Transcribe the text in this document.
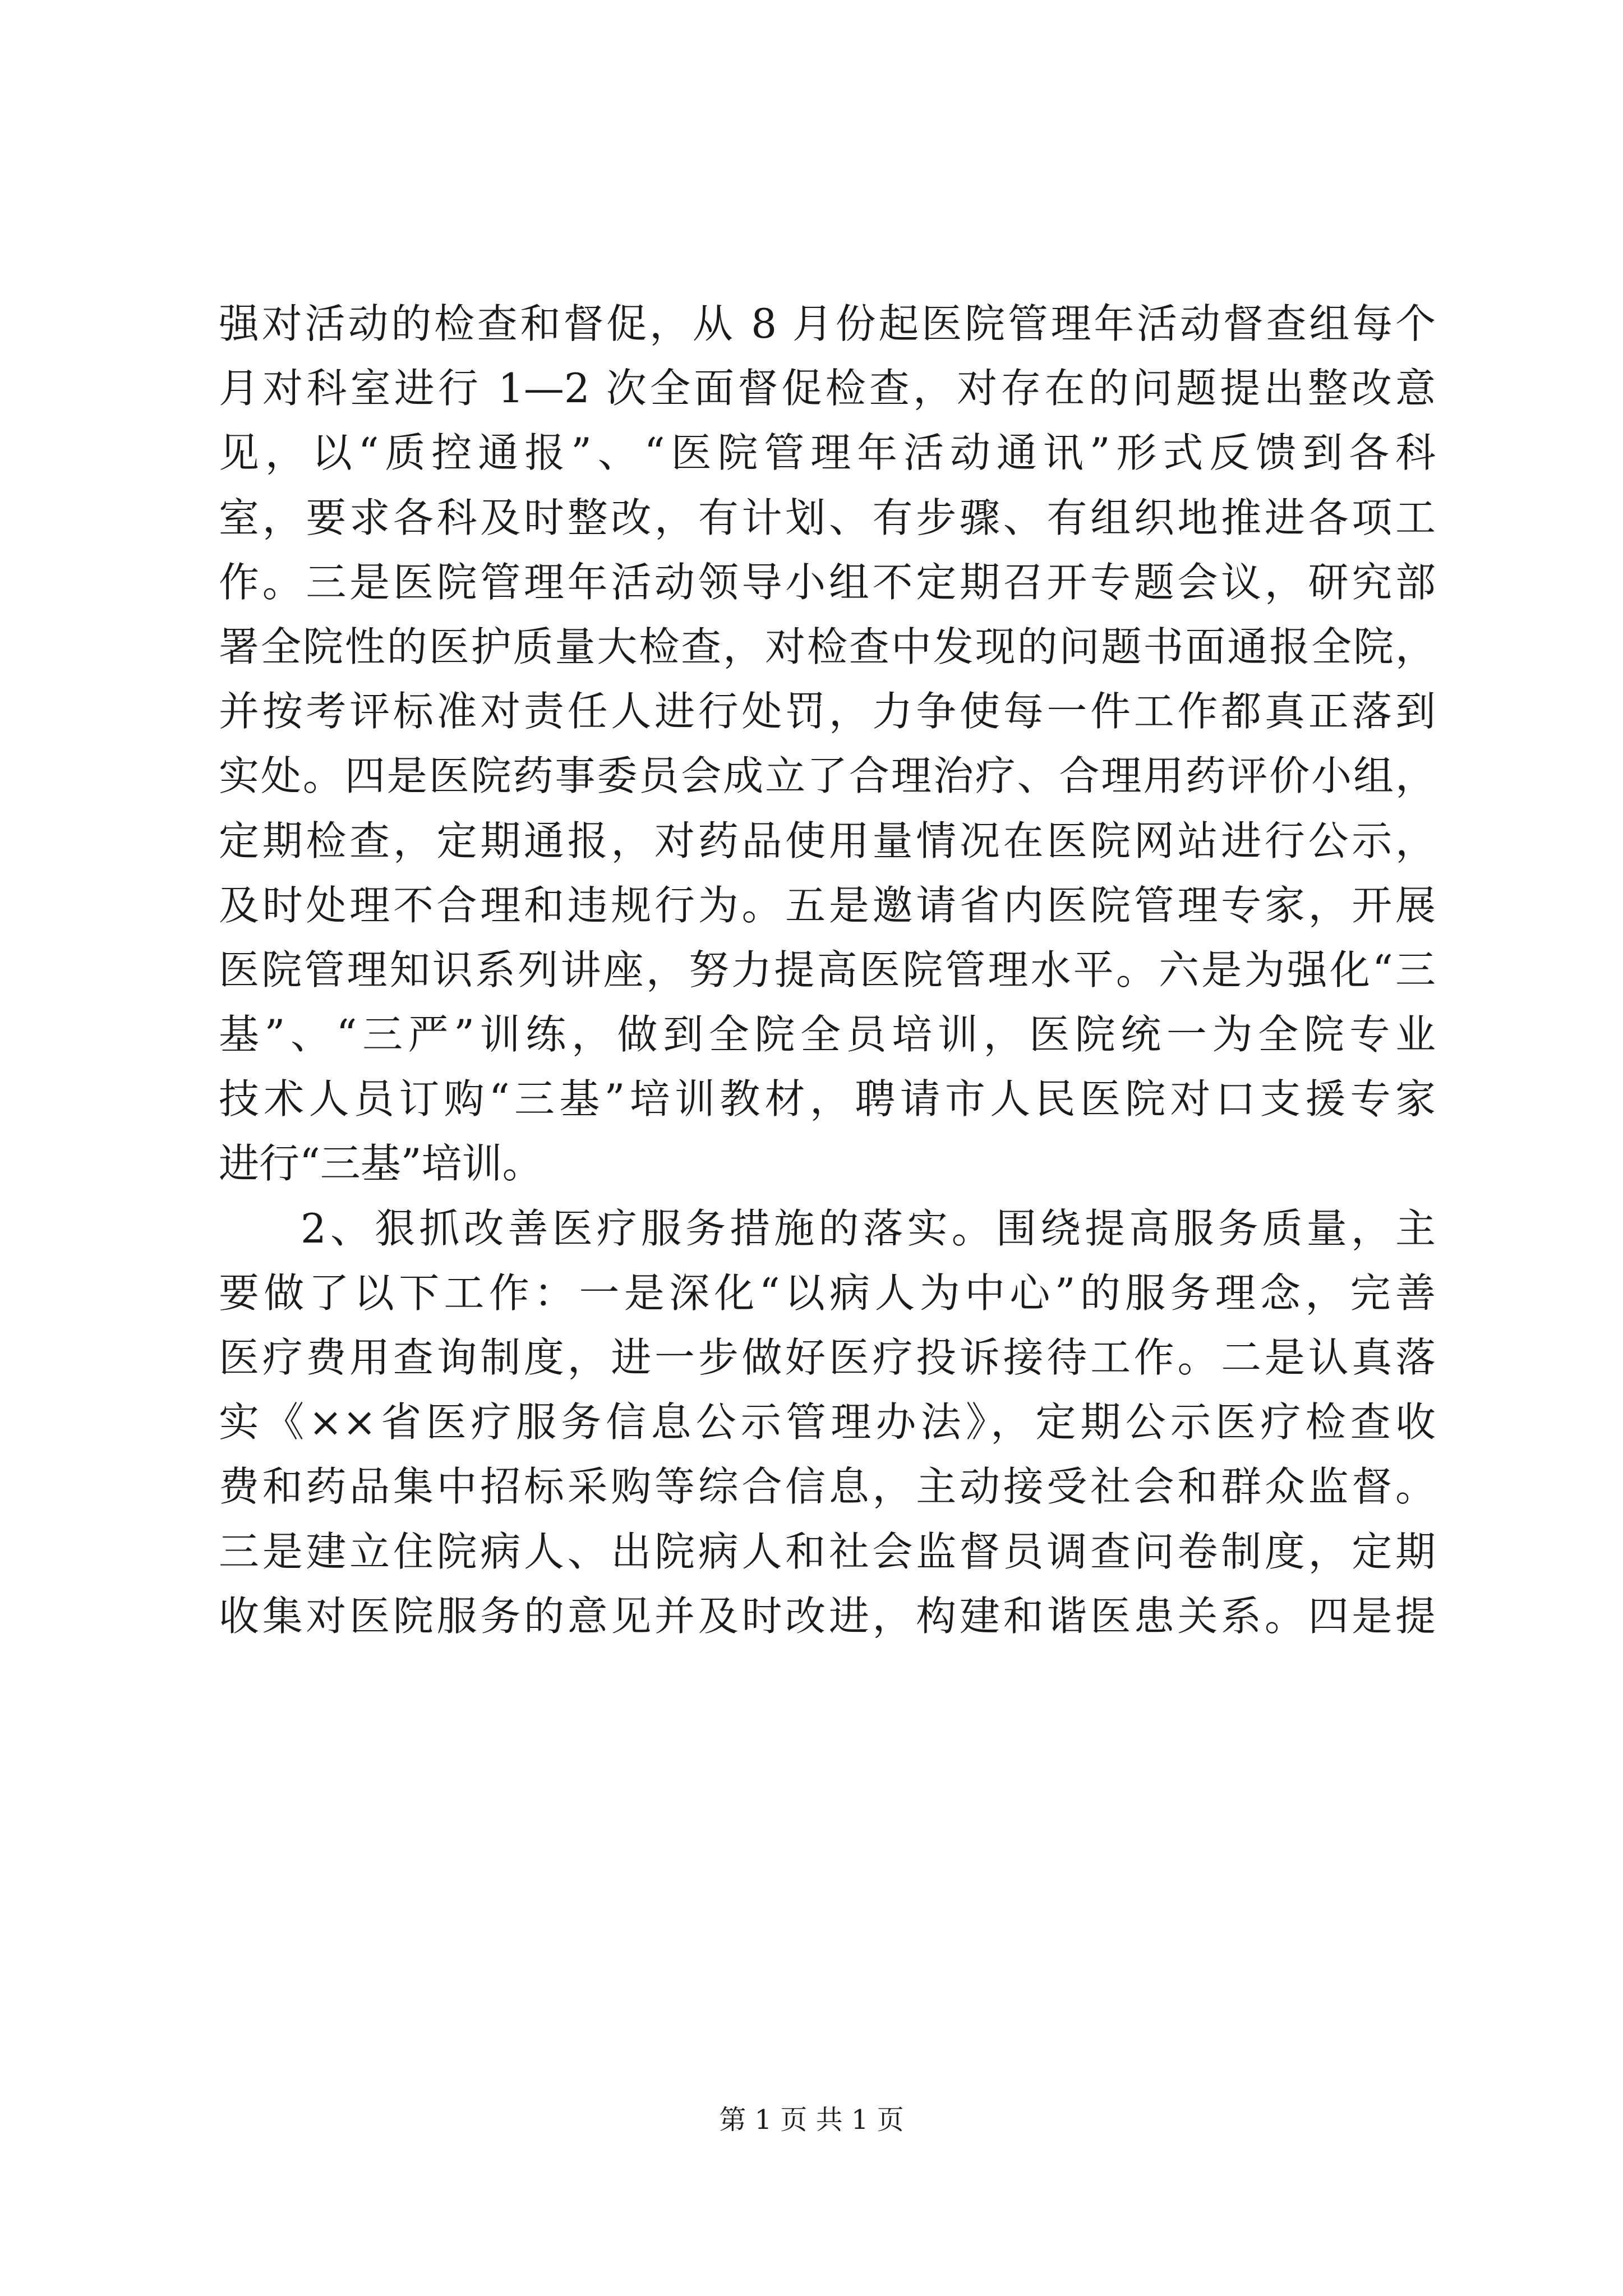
强对活动的检查和督促，从 8 月份起医院管理年活动督查组每个
月对科室进行 1—2 次全面督促检查，对存在的问题提出整改意
见，以“质控通报”、“医院管理年活动通讯”形式反馈到各科
室，要求各科及时整改，有计划、有步骤、有组织地推进各项工
作。三是医院管理年活动领导小组不定期召开专题会议，研究部
署全院性的医护质量大检查，对检查中发现的问题书面通报全院，
并按考评标准对责任人进行处罚，力争使每一件工作都真正落到
实处。四是医院药事委员会成立了合理治疗、合理用药评价小组，
定期检查，定期通报，对药品使用量情况在医院网站进行公示，
及时处理不合理和违规行为。五是邀请省内医院管理专家，开展
医院管理知识系列讲座，努力提高医院管理水平。六是为强化“三
基”、“三严”训练，做到全院全员培训，医院统一为全院专业
技术人员订购“三基”培训教材，聘请市人民医院对口支援专家
进行“三基”培训。
2、狠抓改善医疗服务措施的落实。围绕提高服务质量，主
要做了以下工作：一是深化“以病人为中心”的服务理念，完善
医疗费用查询制度，进一步做好医疗投诉接待工作。二是认真落
实《××省医疗服务信息公示管理办法》，定期公示医疗检查收
费和药品集中招标采购等综合信息，主动接受社会和群众监督。
三是建立住院病人、出院病人和社会监督员调查问卷制度，定期
收集对医院服务的意见并及时改进，构建和谐医患关系。四是提
第 1 页 共 1 页
